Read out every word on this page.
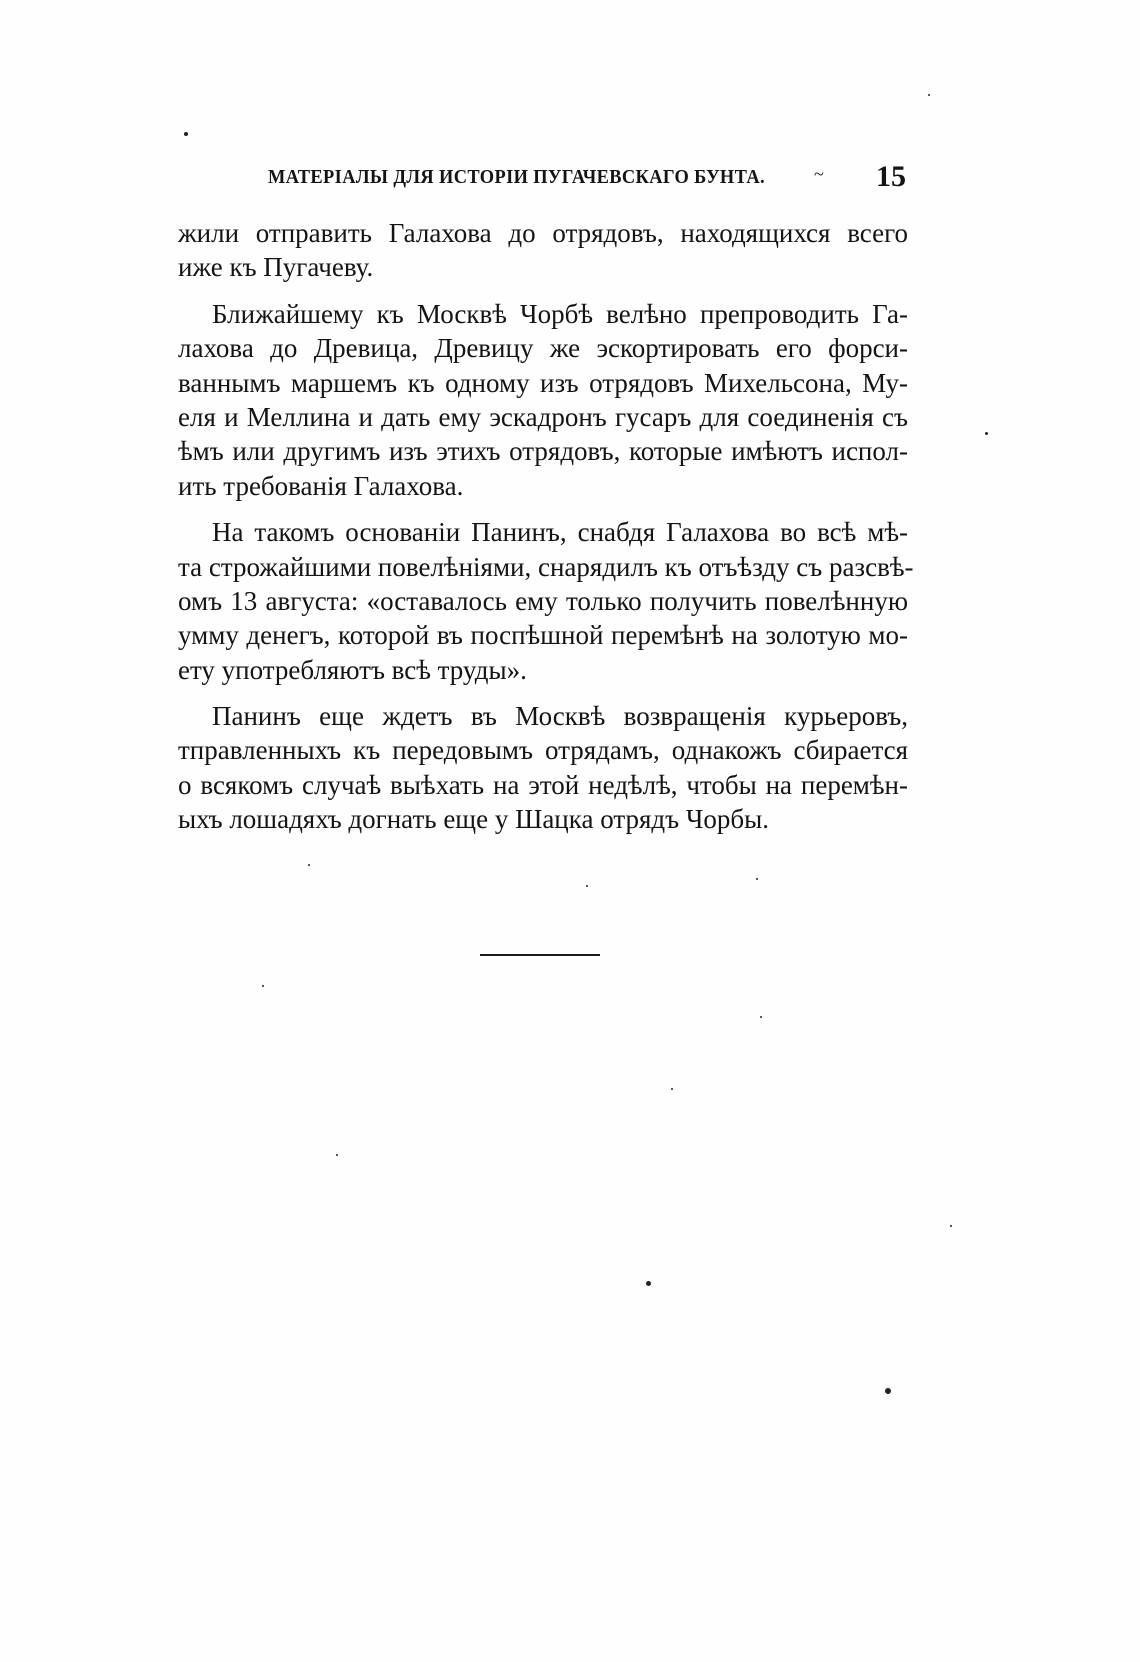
МАТЕРІАЛЫ ДЛЯ ИСТОРІИ ПУГАЧЕВСКАГО БУНТА.	~ 15
жили отправить Галахова до отрядовъ, находящихся всего
иже къ Пугачеву.
Ближайшему къ Москвѣ Чорбѣ велѣно препроводить Га-
лахова до Древица, Древицу же эскортировать его форси-
ваннымъ маршемъ къ одному изъ отрядовъ Михельсона, Му-
еля и Меллина и дать ему эскадронъ гусаръ для соединенія съ
ѣмъ или другимъ изъ этихъ отрядовъ, которые имѣютъ испол-
ить требованія Галахова.
На такомъ основаніи Панинъ, снабдя Галахова во всѣ мѣ-
та строжайшими повелѣніями, снарядилъ къ отъѣзду съ разсвѣ-
омъ 13 августа: «оставалось ему только получить повелѣнную
умму денегъ, которой въ поспѣшной перемѣнѣ на золотую мо-
ету употребляютъ всѣ труды».
Панинъ еще ждетъ въ Москвѣ возвращенія курьеровъ,
тправленныхъ къ передовымъ отрядамъ, однакожъ сбирается
о всякомъ случаѣ выѣхать на этой недѣлѣ, чтобы на перемѣн-
ыхъ лошадяхъ догнать еще у Шацка отрядъ Чорбы.
